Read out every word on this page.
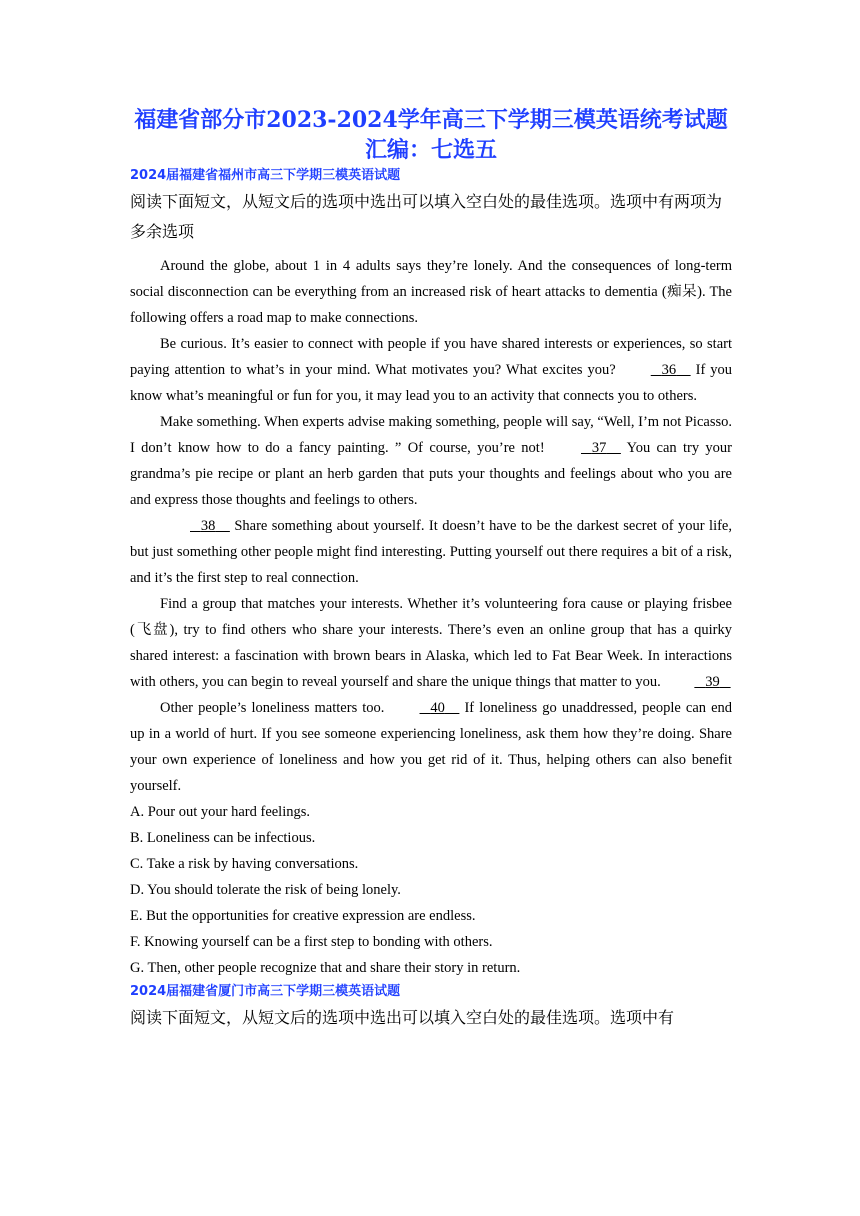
福建省部分市2023-2024学年高三下学期三模英语统考试题汇编：七选五
2024届福建省福州市高三下学期三模英语试题
阅读下面短文，从短文后的选项中选出可以填入空白处的最佳选项。选项中有两项为多余选项

Around the globe, about 1 in 4 adults says they’re lonely. And the consequences of long-term social disconnection can be everything from an increased risk of heart attacks to dementia (痴呆). The following offers a road map to make connections.

Be curious. It’s easier to connect with people if you have shared interests or experiences, so start paying attention to what’s in your mind. What motivates you? What excites you?	36 If you know what’s meaningful or fun for you, it may lead you to an activity that connects you to others.

Make something. When experts advise making something, people will say, “Well, I’m not Picasso. I don’t know how to do a fancy painting. ” Of course, you’re not!	37 You can try your grandma’s pie recipe or plant an herb garden that puts your thoughts and feelings about who you are and express those thoughts and feelings to others.

38 Share something about yourself. It doesn’t have to be the darkest secret of your life, but just something other people might find interesting. Putting yourself out there requires a bit of a risk, and it’s the first step to real connection.

Find a group that matches your interests. Whether it’s volunteering fora cause or playing frisbee (飞盘), try to find others who share your interests. There’s even an online group that has a quirky shared interest: a fascination with brown bears in Alaska, which led to Fat Bear Week. In interactions with others, you can begin to reveal yourself and share the unique things that matter to you.	39

Other people’s loneliness matters too.	40 If loneliness go unaddressed, people can end up in a world of hurt. If you see someone experiencing loneliness, ask them how they’re doing. Share your own experience of loneliness and how you get rid of it. Thus, helping others can also benefit yourself.

A. Pour out your hard feelings.
B. Loneliness can be infectious.
C. Take a risk by having conversations.
D. You should tolerate the risk of being lonely.
E. But the opportunities for creative expression are endless.
F. Knowing yourself can be a first step to bonding with others.
G. Then, other people recognize that and share their story in return.
2024届福建省厦门市高三下学期三模英语试题
阅读下面短文，从短文后的选项中选出可以填入空白处的最佳选项。选项中有
